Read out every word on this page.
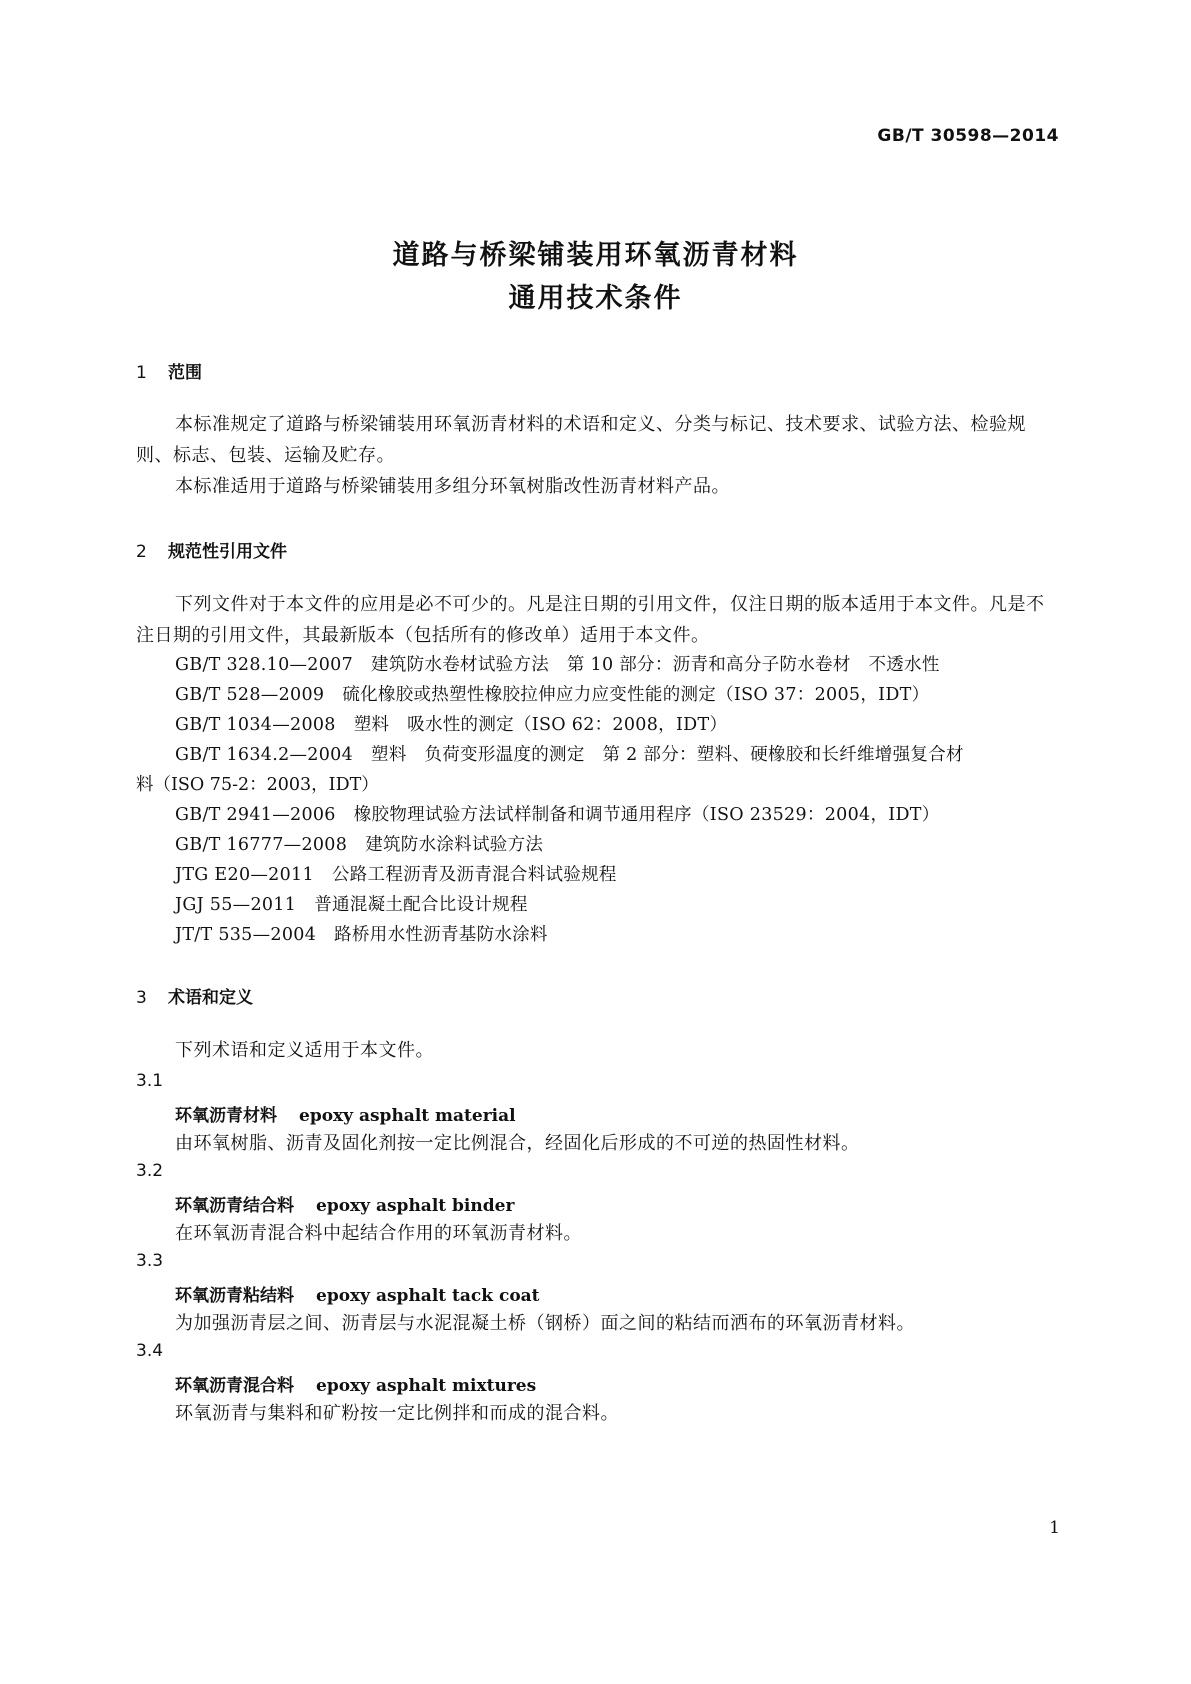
GB/T 30598—2014
道路与桥梁铺装用环氧沥青材料
通用技术条件
1 范围
本标准规定了道路与桥梁铺装用环氧沥青材料的术语和定义、分类与标记、技术要求、试验方法、检验规则、标志、包装、运输及贮存。
本标准适用于道路与桥梁铺装用多组分环氧树脂改性沥青材料产品。
2 规范性引用文件
下列文件对于本文件的应用是必不可少的。凡是注日期的引用文件，仅注日期的版本适用于本文件。凡是不注日期的引用文件，其最新版本（包括所有的修改单）适用于本文件。
GB/T 328.10—2007 建筑防水卷材试验方法　第 10 部分：沥青和高分子防水卷材　不透水性
GB/T 528—2009 硫化橡胶或热塑性橡胶拉伸应力应变性能的测定（ISO 37：2005，IDT）
GB/T 1034—2008 塑料　吸水性的测定（ISO 62：2008，IDT）
GB/T 1634.2—2004 塑料　负荷变形温度的测定　第 2 部分：塑料、硬橡胶和长纤维增强复合材
料（ISO 75-2：2003，IDT）
GB/T 2941—2006 橡胶物理试验方法试样制备和调节通用程序（ISO 23529：2004，IDT）
GB/T 16777—2008 建筑防水涂料试验方法
JTG E20—2011 公路工程沥青及沥青混合料试验规程
JGJ 55—2011 普通混凝土配合比设计规程
JT/T 535—2004 路桥用水性沥青基防水涂料
3 术语和定义
下列术语和定义适用于本文件。
3.1
环氧沥青材料 epoxy asphalt material
由环氧树脂、沥青及固化剂按一定比例混合，经固化后形成的不可逆的热固性材料。
3.2
环氧沥青结合料 epoxy asphalt binder
在环氧沥青混合料中起结合作用的环氧沥青材料。
3.3
环氧沥青粘结料 epoxy asphalt tack coat
为加强沥青层之间、沥青层与水泥混凝土桥（钢桥）面之间的粘结而洒布的环氧沥青材料。
3.4
环氧沥青混合料 epoxy asphalt mixtures
环氧沥青与集料和矿粉按一定比例拌和而成的混合料。
1
